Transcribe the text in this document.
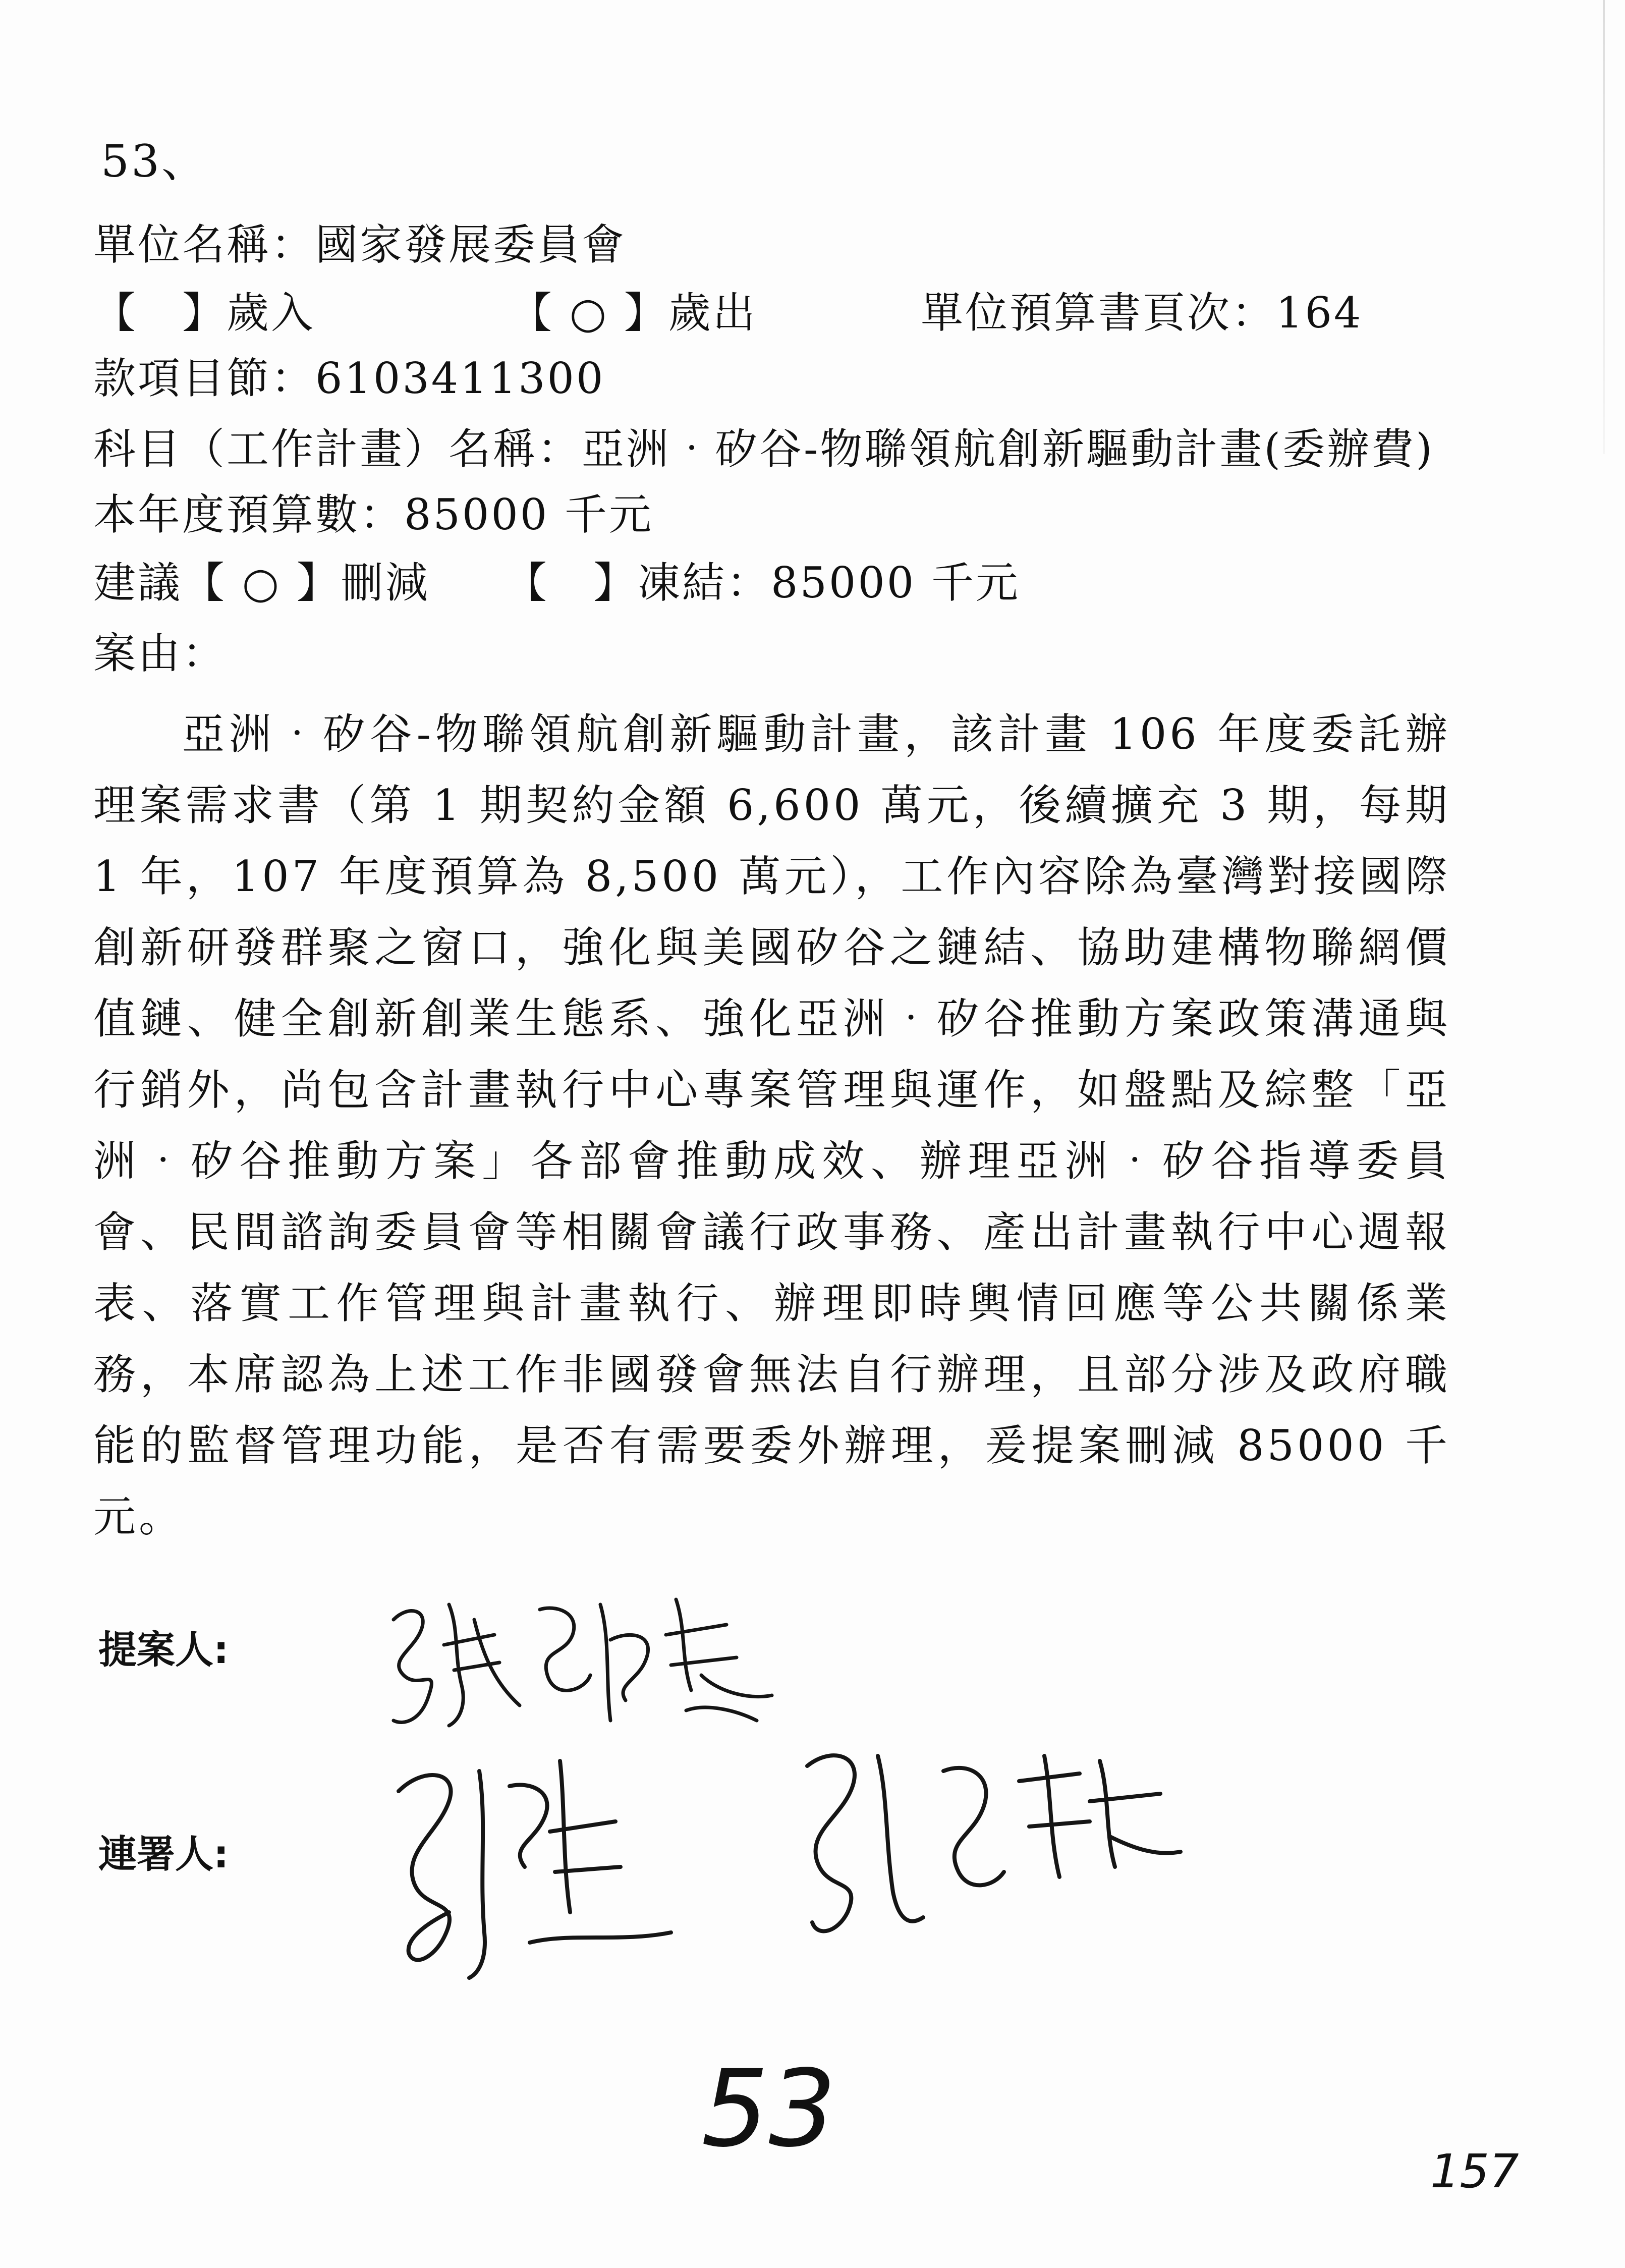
53、
單位名稱：國家發展委員會
【　】歲入	【 ○ 】歲出	單位預算書頁次：164
款項目節：6103411300
科目（工作計畫）名稱：亞洲‧矽谷-物聯領航創新驅動計畫(委辦費)
本年度預算數：85000 千元
建議【 ○ 】刪減 【　】凍結：85000 千元
案由：
亞洲‧矽谷-物聯領航創新驅動計畫，該計畫 106 年度委託辦理案需求書（第 1 期契約金額 6,600 萬元，後續擴充 3 期，每期 1 年，107 年度預算為 8,500 萬元），工作內容除為臺灣對接國際創新研發群聚之窗口，強化與美國矽谷之鏈結、協助建構物聯網價值鏈、健全創新創業生態系、強化亞洲‧矽谷推動方案政策溝通與行銷外，尚包含計畫執行中心專案管理與運作，如盤點及綜整「亞洲‧矽谷推動方案」各部會推動成效、辦理亞洲‧矽谷指導委員會、民間諮詢委員會等相關會議行政事務、產出計畫執行中心週報表、落實工作管理與計畫執行、辦理即時輿情回應等公共關係業務，本席認為上述工作非國發會無法自行辦理，且部分涉及政府職能的監督管理功能，是否有需要委外辦理，爰提案刪減 85000 千元。
提案人:
連署人:
53
157
